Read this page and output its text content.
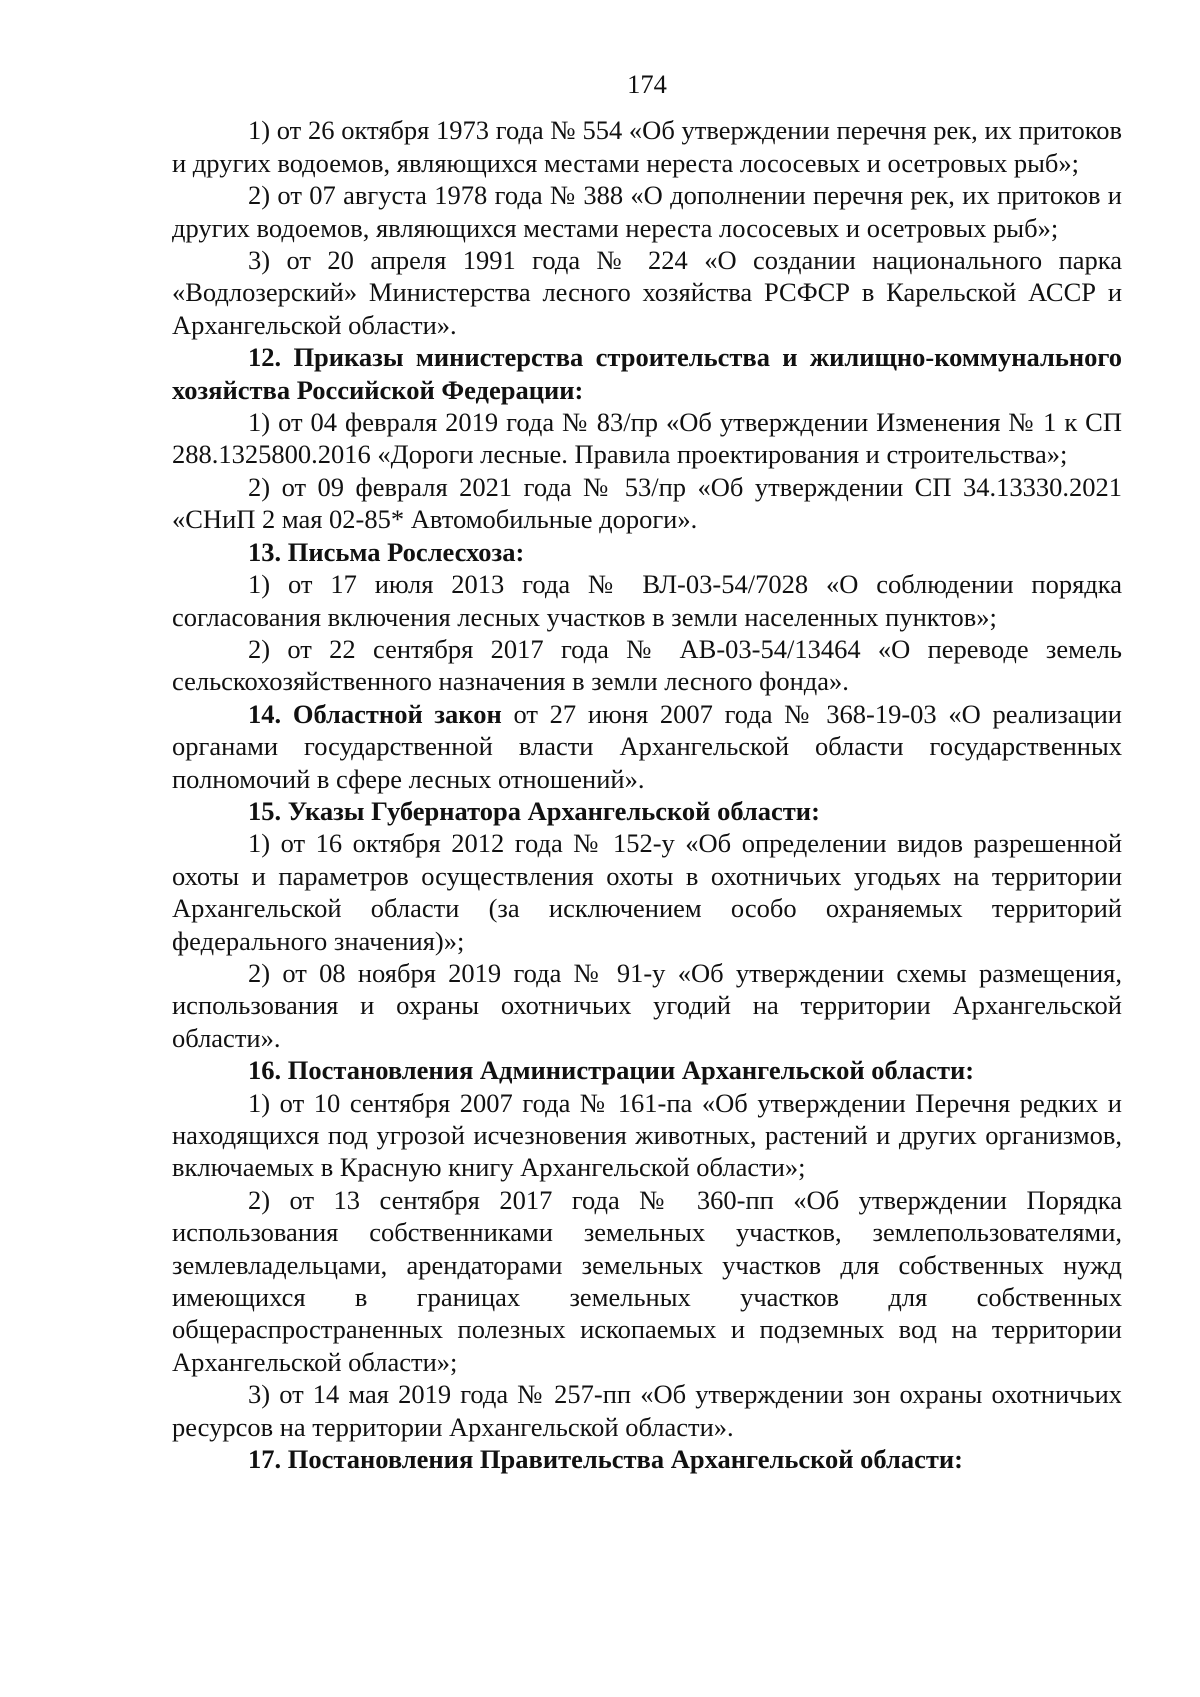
174

1) от 26 октября 1973 года № 554 «Об утверждении перечня рек, их притоков и других водоемов, являющихся местами нереста лососевых и осетровых рыб»;

2) от 07 августа 1978 года № 388 «О дополнении перечня рек, их притоков и других водоемов, являющихся местами нереста лососевых и осетровых рыб»;

3) от 20 апреля 1991 года № 224 «О создании национального парка «Водлозерский» Министерства лесного хозяйства РСФСР в Карельской АССР и Архангельской области».

12. Приказы министерства строительства и жилищно-коммунального хозяйства Российской Федерации:

1) от 04 февраля 2019 года № 83/пр «Об утверждении Изменения № 1 к СП 288.1325800.2016 «Дороги лесные. Правила проектирования и строительства»;

2) от 09 февраля 2021 года № 53/пр «Об утверждении СП 34.13330.2021 «СНиП 2 мая 02-85* Автомобильные дороги».

13. Письма Рослесхоза:

1) от 17 июля 2013 года № ВЛ-03-54/7028 «О соблюдении порядка согласования включения лесных участков в земли населенных пунктов»;

2) от 22 сентября 2017 года № АВ-03-54/13464 «О переводе земель сельскохозяйственного назначения в земли лесного фонда».

14. Областной закон от 27 июня 2007 года № 368-19-03 «О реализации органами государственной власти Архангельской области государственных полномочий в сфере лесных отношений».

15. Указы Губернатора Архангельской области:

1) от 16 октября 2012 года № 152-у «Об определении видов разрешенной охоты и параметров осуществления охоты в охотничьих угодьях на территории Архангельской области (за исключением особо охраняемых территорий федерального значения)»;

2) от 08 ноября 2019 года № 91-у «Об утверждении схемы размещения, использования и охраны охотничьих угодий на территории Архангельской области».

16. Постановления Администрации Архангельской области:

1) от 10 сентября 2007 года № 161-па «Об утверждении Перечня редких и находящихся под угрозой исчезновения животных, растений и других организмов, включаемых в Красную книгу Архангельской области»;

2) от 13 сентября 2017 года № 360-пп «Об утверждении Порядка использования собственниками земельных участков, землепользователями, землевладельцами, арендаторами земельных участков для собственных нужд имеющихся в границах земельных участков для собственных общераспространенных полезных ископаемых и подземных вод на территории Архангельской области»;

3) от 14 мая 2019 года № 257-пп «Об утверждении зон охраны охотничьих ресурсов на территории Архангельской области».

17. Постановления Правительства Архангельской области:
